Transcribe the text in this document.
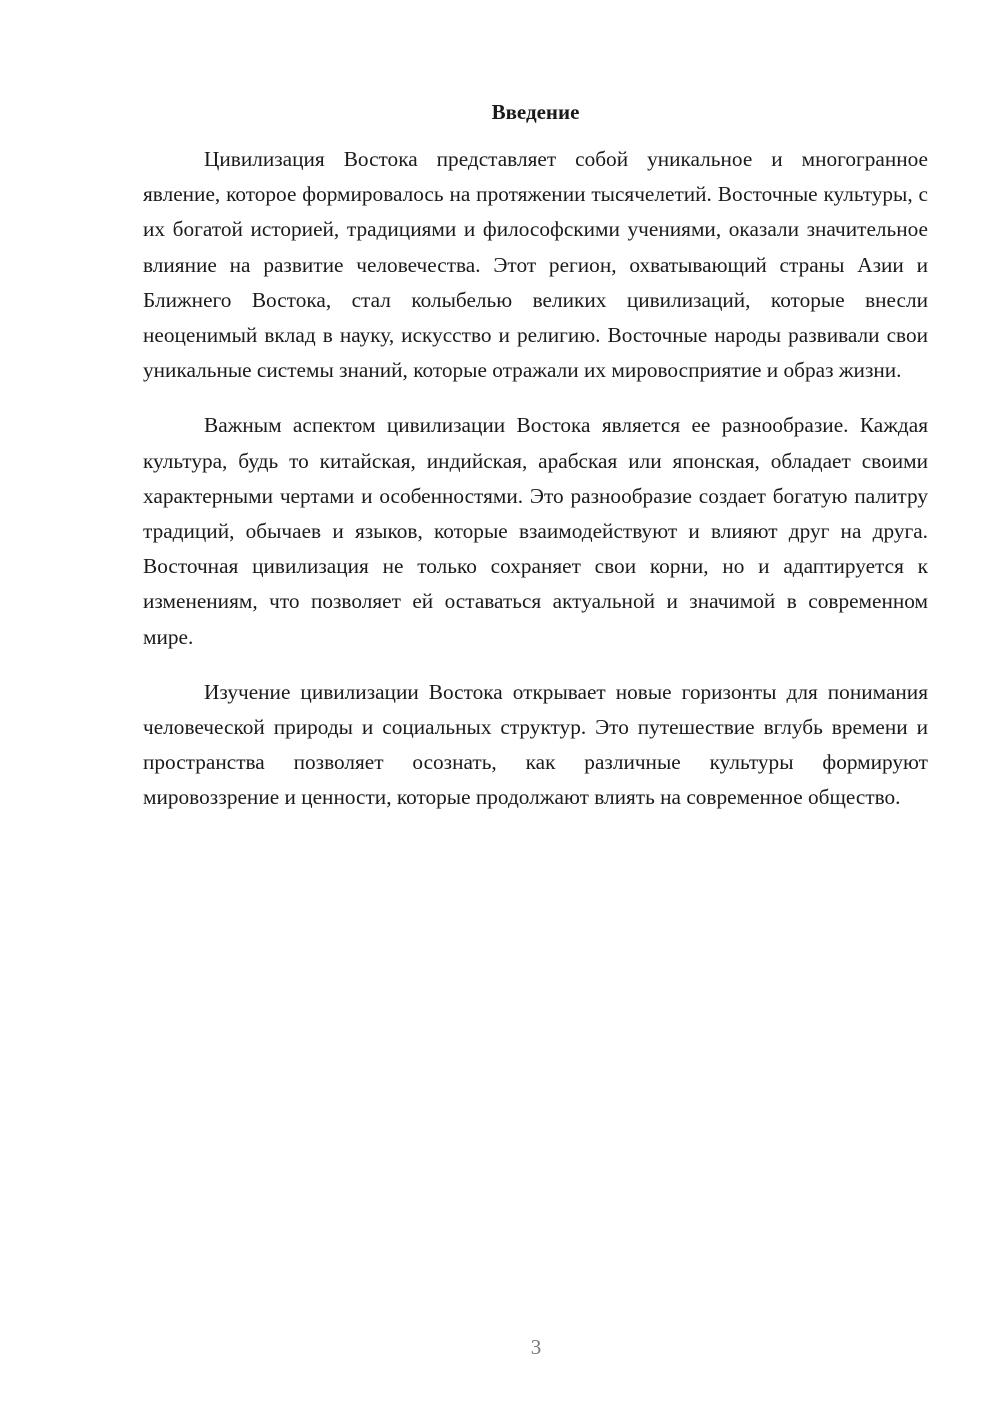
Введение

Цивилизация Востока представляет собой уникальное и многогранное явление, которое формировалось на протяжении тысячелетий. Восточные культуры, с их богатой историей, традициями и философскими учениями, оказали значительное влияние на развитие человечества. Этот регион, охватывающий страны Азии и Ближнего Востока, стал колыбелью великих цивилизаций, которые внесли неоценимый вклад в науку, искусство и религию. Восточные народы развивали свои уникальные системы знаний, которые отражали их мировосприятие и образ жизни.

Важным аспектом цивилизации Востока является ее разнообразие. Каждая культура, будь то китайская, индийская, арабская или японская, обладает своими характерными чертами и особенностями. Это разнообразие создает богатую палитру традиций, обычаев и языков, которые взаимодействуют и влияют друг на друга. Восточная цивилизация не только сохраняет свои корни, но и адаптируется к изменениям, что позволяет ей оставаться актуальной и значимой в современном мире.

Изучение цивилизации Востока открывает новые горизонты для понимания человеческой природы и социальных структур. Это путешествие вглубь времени и пространства позволяет осознать, как различные культуры формируют мировоззрение и ценности, которые продолжают влиять на современное общество.

3
